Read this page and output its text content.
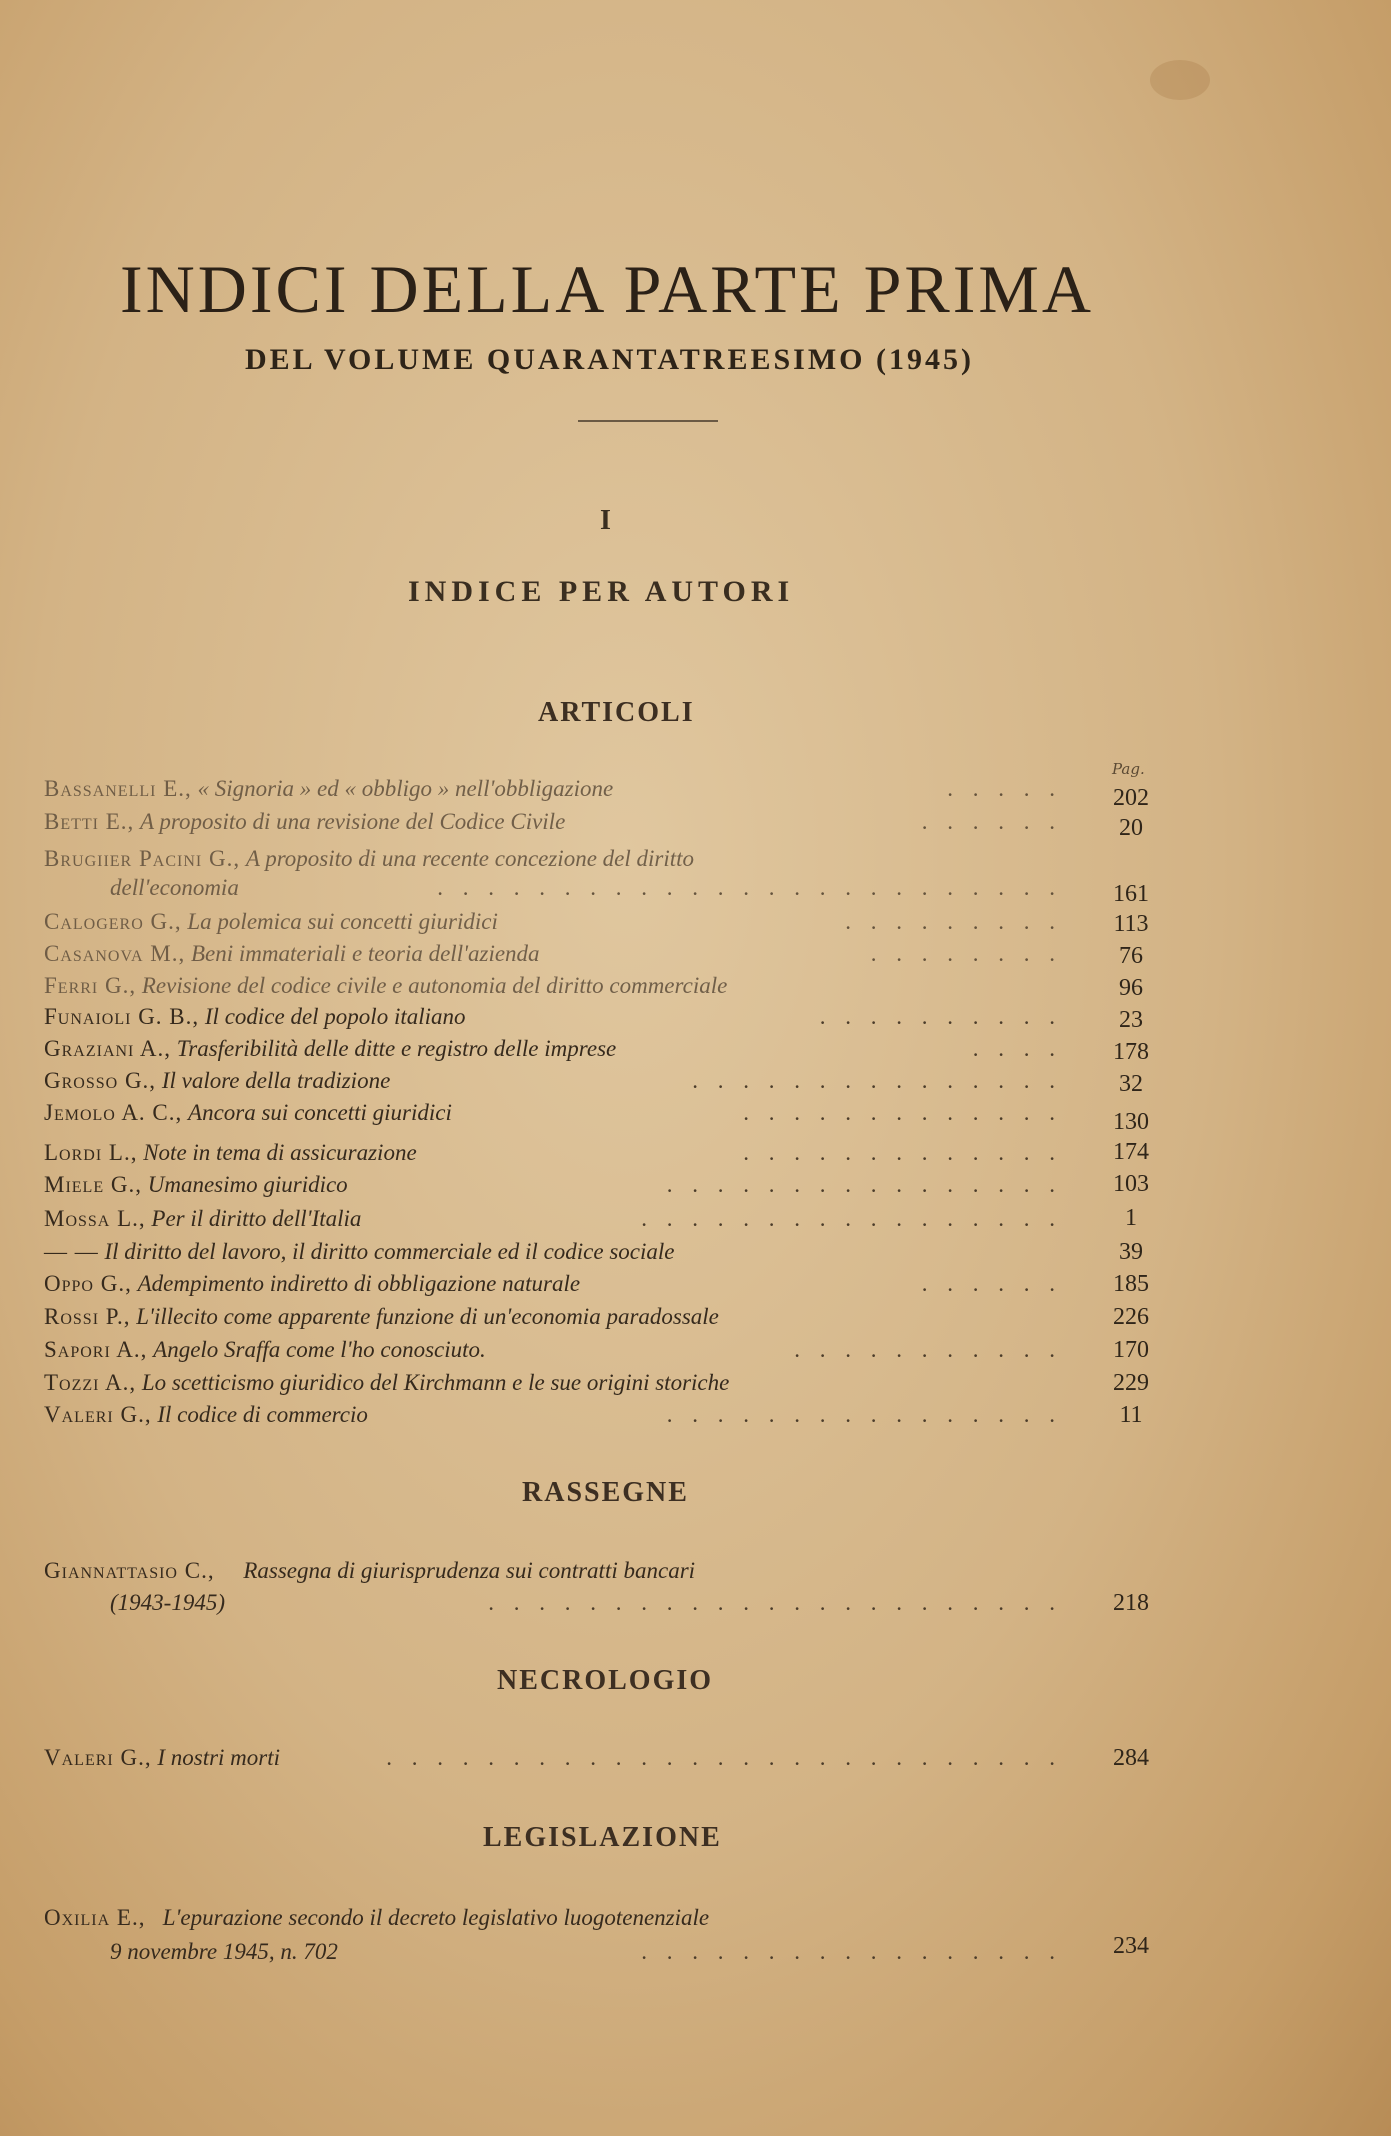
INDICI DELLA PARTE PRIMA
DEL VOLUME QUARANTATREESIMO (1945)
I
INDICE PER AUTORI
ARTICOLI
Pag.
Bassanelli E., « Signoria » ed « obbligo » nell'obbligazione	. . . . .	202
Betti E., A proposito di una revisione del Codice Civile	. . . . . .	20
Brugiier Pacini G., A proposito di una recente concezione del diritto
dell'economia	. . . . . . . . . . . . . . . . . . . . . . . . .	161
Calogero G., La polemica sui concetti giuridici	. . . . . . . . .	113
Casanova M., Beni immateriali e teoria dell'azienda	. . . . . . . .	76
Ferri G., Revisione del codice civile e autonomia del diritto commerciale	96
Funaioli G. B., Il codice del popolo italiano	. . . . . . . . . .	23
Graziani A., Trasferibilità delle ditte e registro delle imprese	. . . .	178
Grosso G., Il valore della tradizione	. . . . . . . . . . . . . . .	32
Jemolo A. C., Ancora sui concetti giuridici	. . . . . . . . . . . . .	130
Lordi L., Note in tema di assicurazione	. . . . . . . . . . . . .	174
Miele G., Umanesimo giuridico	. . . . . . . . . . . . . . . .	103
Mossa L., Per il diritto dell'Italia	. . . . . . . . . . . . . . . . .	1
— — Il diritto del lavoro, il diritto commerciale ed il codice sociale	39
Oppo G., Adempimento indiretto di obbligazione naturale	. . . . . .	185
Rossi P., L'illecito come apparente funzione di un'economia paradossale	226
Sapori A., Angelo Sraffa come l'ho conosciuto.	. . . . . . . . . . .	170
Tozzi A., Lo scetticismo giuridico del Kirchmann e le sue origini storiche	229
Valeri G., Il codice di commercio	. . . . . . . . . . . . . . . .	11
RASSEGNE
Giannattasio C., Rassegna di giurisprudenza sui contratti bancari
(1943-1945)	. . . . . . . . . . . . . . . . . . . . . . .	218
NECROLOGIO
Valeri G., I nostri morti	. . . . . . . . . . . . . . . . . . . . . . . . . . .	284
LEGISLAZIONE
Oxilia E., L'epurazione secondo il decreto legislativo luogotenenziale
9 novembre 1945, n. 702	. . . . . . . . . . . . . . . . .	234
